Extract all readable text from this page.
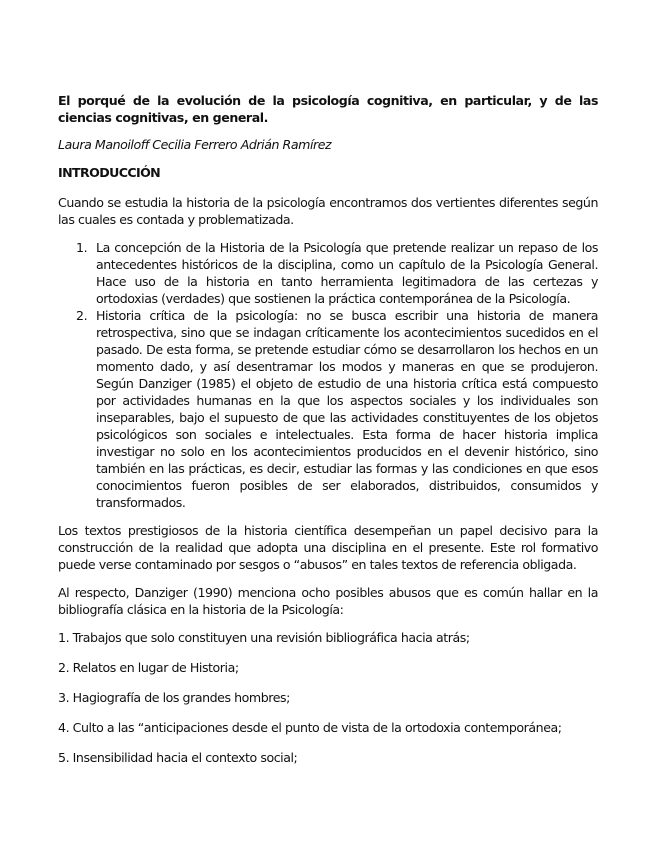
El porqué de la evolución de la psicología cognitiva, en particular, y de las ciencias cognitivas, en general.

Laura Manoiloff Cecilia Ferrero Adrián Ramírez

INTRODUCCIÓN

Cuando se estudia la historia de la psicología encontramos dos vertientes diferentes según las cuales es contada y problematizada.

1. La concepción de la Historia de la Psicología que pretende realizar un repaso de los antecedentes históricos de la disciplina, como un capítulo de la Psicología General. Hace uso de la historia en tanto herramienta legitimadora de las certezas y ortodoxias (verdades) que sostienen la práctica contemporánea de la Psicología.
2. Historia crítica de la psicología: no se busca escribir una historia de manera retrospectiva, sino que se indagan críticamente los acontecimientos sucedidos en el pasado. De esta forma, se pretende estudiar cómo se desarrollaron los hechos en un momento dado, y así desentramar los modos y maneras en que se produjeron. Según Danziger (1985) el objeto de estudio de una historia crítica está compuesto por actividades humanas en la que los aspectos sociales y los individuales son inseparables, bajo el supuesto de que las actividades constituyentes de los objetos psicológicos son sociales e intelectuales. Esta forma de hacer historia implica investigar no solo en los acontecimientos producidos en el devenir histórico, sino también en las prácticas, es decir, estudiar las formas y las condiciones en que esos conocimientos fueron posibles de ser elaborados, distribuidos, consumidos y transformados.

Los textos prestigiosos de la historia científica desempeñan un papel decisivo para la construcción de la realidad que adopta una disciplina en el presente. Este rol formativo puede verse contaminado por sesgos o “abusos” en tales textos de referencia obligada.

Al respecto, Danziger (1990) menciona ocho posibles abusos que es común hallar en la bibliografía clásica en la historia de la Psicología:

1. Trabajos que solo constituyen una revisión bibliográfica hacia atrás;

2. Relatos en lugar de Historia;

3. Hagiografía de los grandes hombres;

4. Culto a las “anticipaciones desde el punto de vista de la ortodoxia contemporánea;

5. Insensibilidad hacia el contexto social;
